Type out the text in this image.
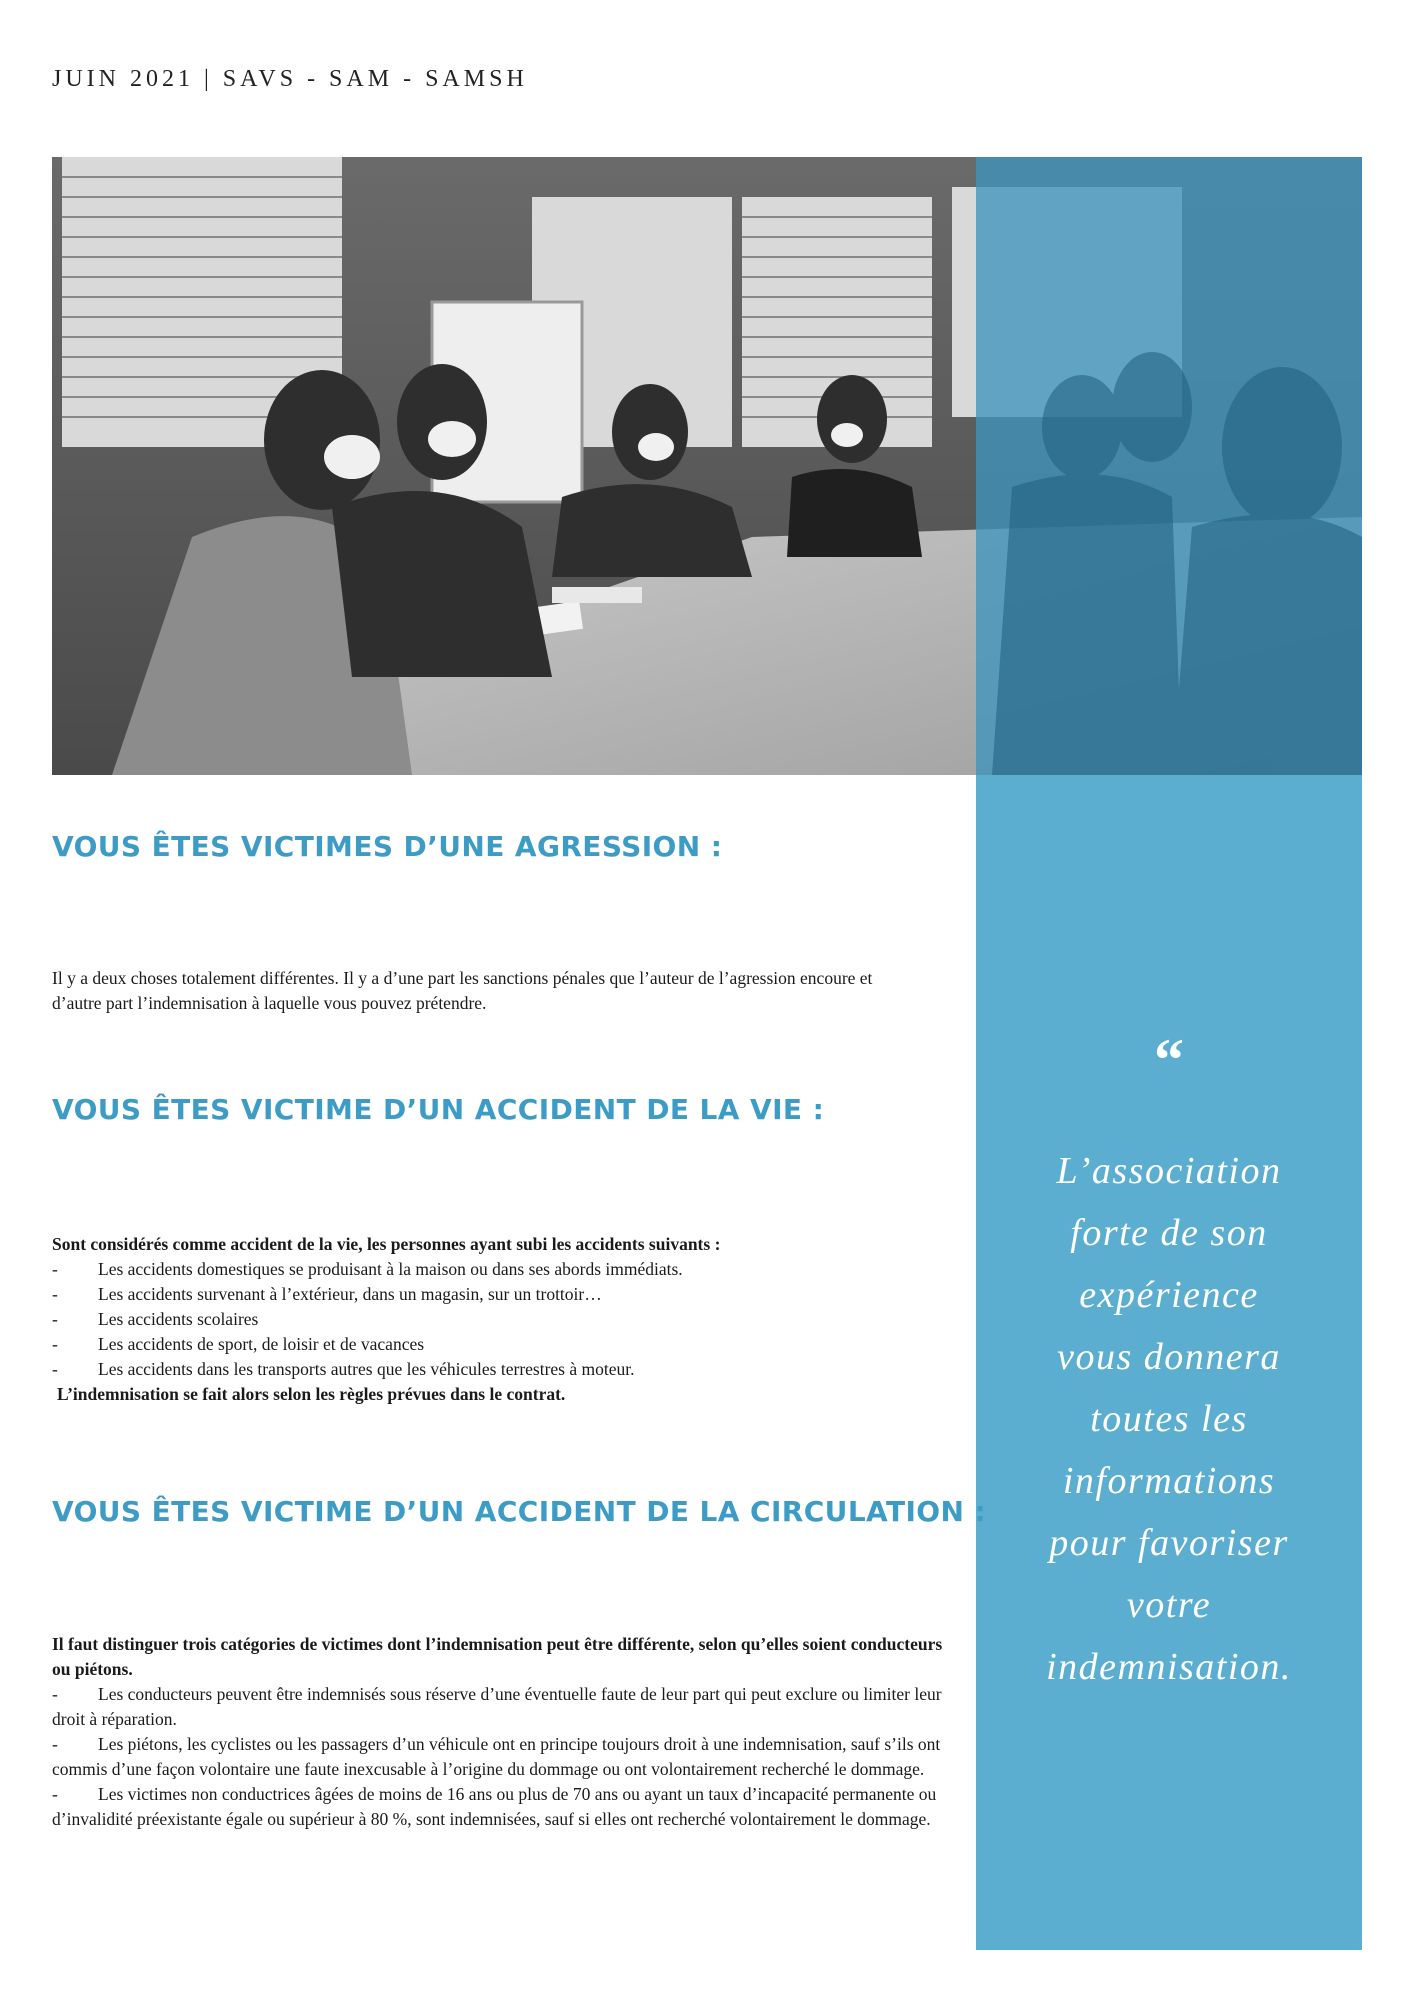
JUIN 2021 | SAVS - SAM - SAMSH
“
L’association
forte de son
expérience
vous donnera
toutes les
informations
pour favoriser
votre
indemnisation.
VOUS ÊTES VICTIMES D’UNE AGRESSION :

Il y a deux choses totalement différentes. Il y a d’une part les sanctions pénales que l’auteur de l’agression encoure et d’autre part l’indemnisation à laquelle vous pouvez prétendre.

VOUS ÊTES VICTIME D’UN ACCIDENT DE LA VIE :

Sont considérés comme accident de la vie, les personnes ayant subi les accidents suivants :

-	Les accidents domestiques se produisant à la maison ou dans ses abords immédiats.
-	Les accidents survenant à l’extérieur, dans un magasin, sur un trottoir…
-	Les accidents scolaires
-	Les accidents de sport, de loisir et de vacances
-	Les accidents dans les transports autres que les véhicules terrestres à moteur.

L’indemnisation se fait alors selon les règles prévues dans le contrat.

VOUS ÊTES VICTIME D’UN ACCIDENT DE LA CIRCULATION :

Il faut distinguer trois catégories de victimes dont l’indemnisation peut être différente, selon qu’elles soient conducteurs ou piétons.

- Les conducteurs peuvent être indemnisés sous réserve d’une éventuelle faute de leur part qui peut exclure ou limiter leur droit à réparation.

- Les piétons, les cyclistes ou les passagers d’un véhicule ont en principe toujours droit à une indemnisation, sauf s’ils ont commis d’une façon volontaire une faute inexcusable à l’origine du dommage ou ont volontairement recherché le dommage.

- Les victimes non conductrices âgées de moins de 16 ans ou plus de 70 ans ou ayant un taux d’incapacité permanente ou d’invalidité préexistante égale ou supérieur à 80 %, sont indemnisées, sauf si elles ont recherché volontairement le dommage.
